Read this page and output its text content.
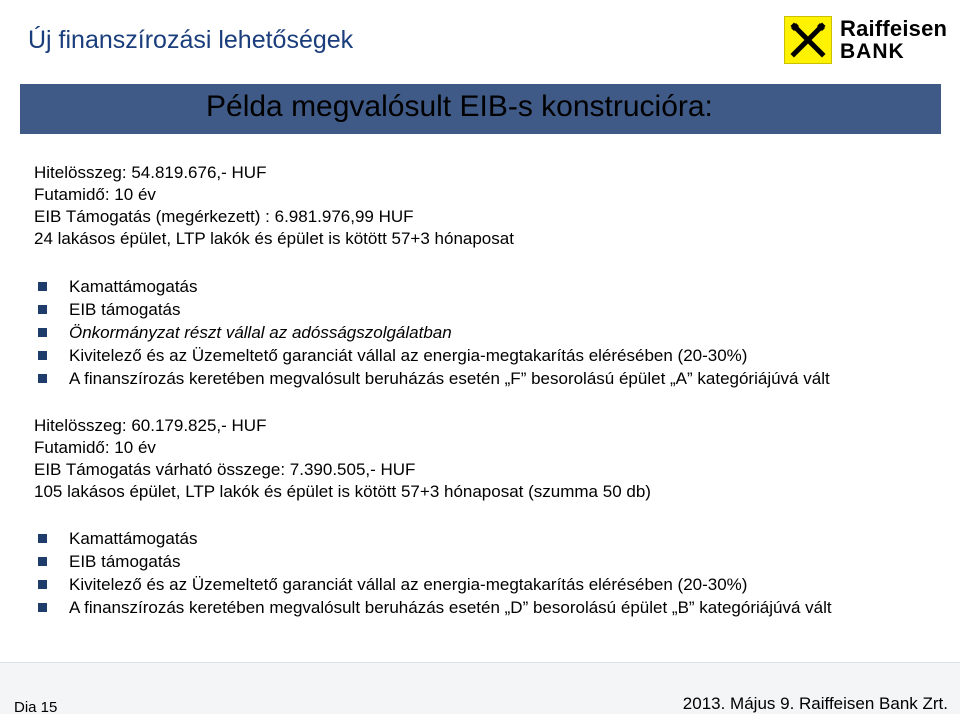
Új finanszírozási lehetőségek	Raiffeisen
BANK
Példa megvalósult EIB-s konstrucióra:
Hitelösszeg: 54.819.676,- HUF
Futamidő: 10 év
EIB Támogatás (megérkezett) : 6.981.976,99 HUF
24 lakásos épület, LTP lakók és épület is kötött 57+3 hónaposat
Kamattámogatás
EIB támogatás
Önkormányzat részt vállal az adósságszolgálatban
Kivitelező és az Üzemeltető garanciát vállal az energia-megtakarítás elérésében (20-30%)
A finanszírozás keretében megvalósult beruházás esetén „F” besorolású épület „A” kategóriájúvá vált
Hitelösszeg: 60.179.825,- HUF
Futamidő: 10 év
EIB Támogatás várható összege: 7.390.505,- HUF
105 lakásos épület, LTP lakók és épület is kötött 57+3 hónaposat (szumma 50 db)
Kamattámogatás
EIB támogatás
Kivitelező és az Üzemeltető garanciát vállal az energia-megtakarítás elérésében (20-30%)
A finanszírozás keretében megvalósult beruházás esetén „D” besorolású épület „B” kategóriájúvá vált
Dia 15	2013. Május 9. Raiffeisen Bank Zrt.
